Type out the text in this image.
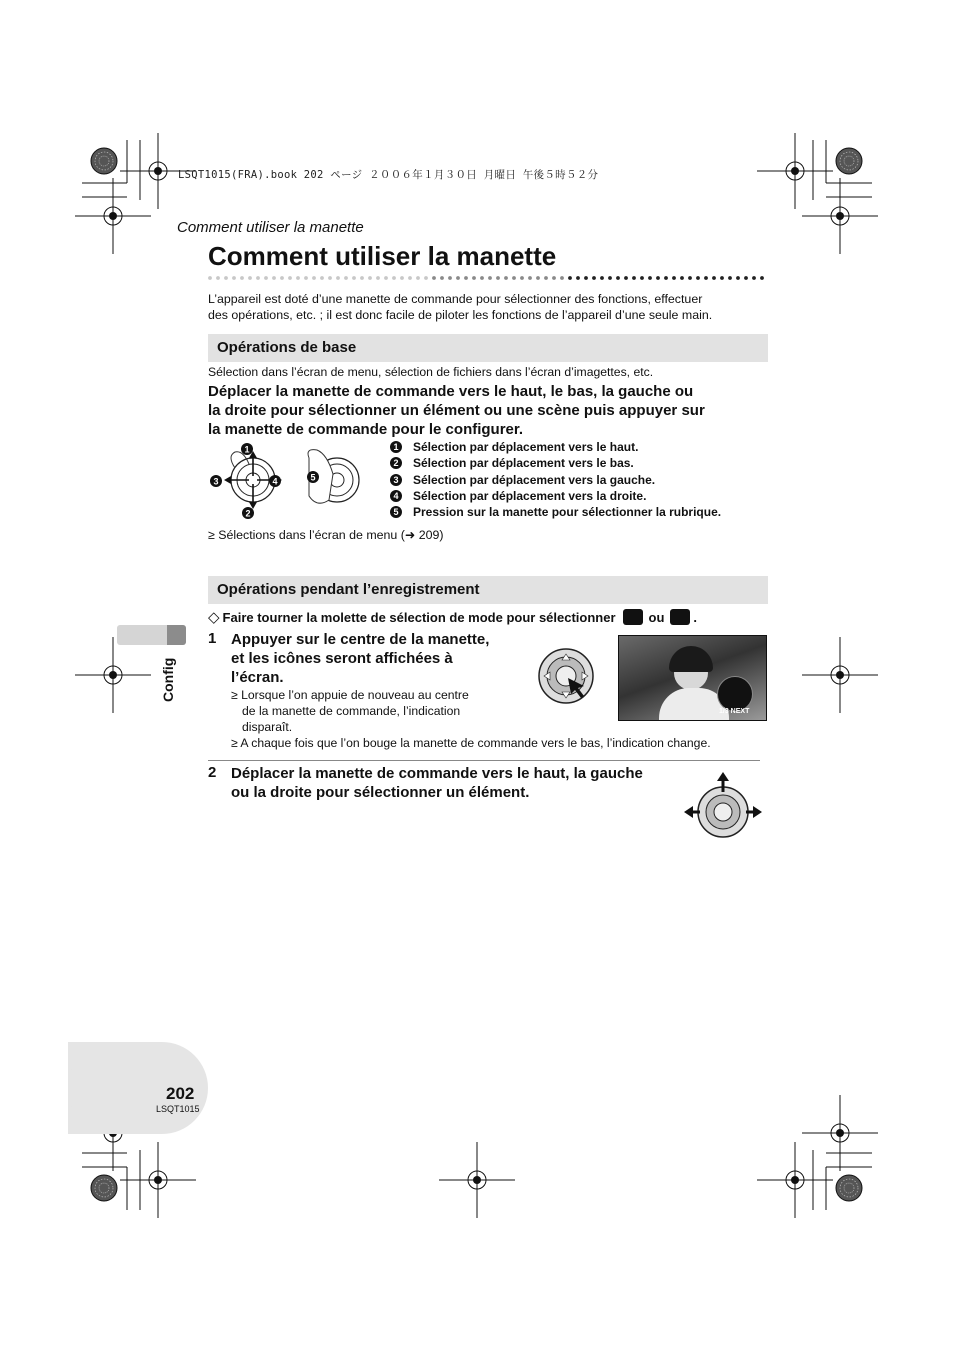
LSQT1015(FRA).book 202 ページ ２００６年１月３０日 月曜日 午後５時５２分
Comment utiliser la manette
Comment utiliser la manette
L’appareil est doté d’une manette de commande pour sélectionner des fonctions, effectuer
des opérations, etc. ; il est donc facile de piloter les fonctions de l’appareil d’une seule main.
Opérations de base
Sélection dans l’écran de menu, sélection de fichiers dans l’écran d’imagettes, etc.
Déplacer la manette de commande vers le haut, le bas, la gauche ou
la droite pour sélectionner un élément ou une scène puis appuyer sur
la manette de commande pour le configurer.
1
2
3	4	5
1 Sélection par déplacement vers le haut.
2 Sélection par déplacement vers le bas.
3 Sélection par déplacement vers la gauche.
4 Sélection par déplacement vers la droite.
5 Pression sur la manette pour sélectionner la rubrique.
≥ Sélections dans l’écran de menu (➜ 209)
Opérations pendant l’enregistrement
◇ Faire tourner la molette de sélection de mode pour sélectionner	ou .
1 Appuyer sur le centre de la manette,
et les icônes seront affichées à
l’écran.
≥ Lorsque l’on appuie de nouveau au centre
de la manette de commande, l’indication
disparaît.
≥ A chaque fois que l’on bouge la manette de commande vers le bas, l’indication change.
1/3 NEXT
2 Déplacer la manette de commande vers le haut, la gauche
ou la droite pour sélectionner un élément.
Config
202
LSQT1015
